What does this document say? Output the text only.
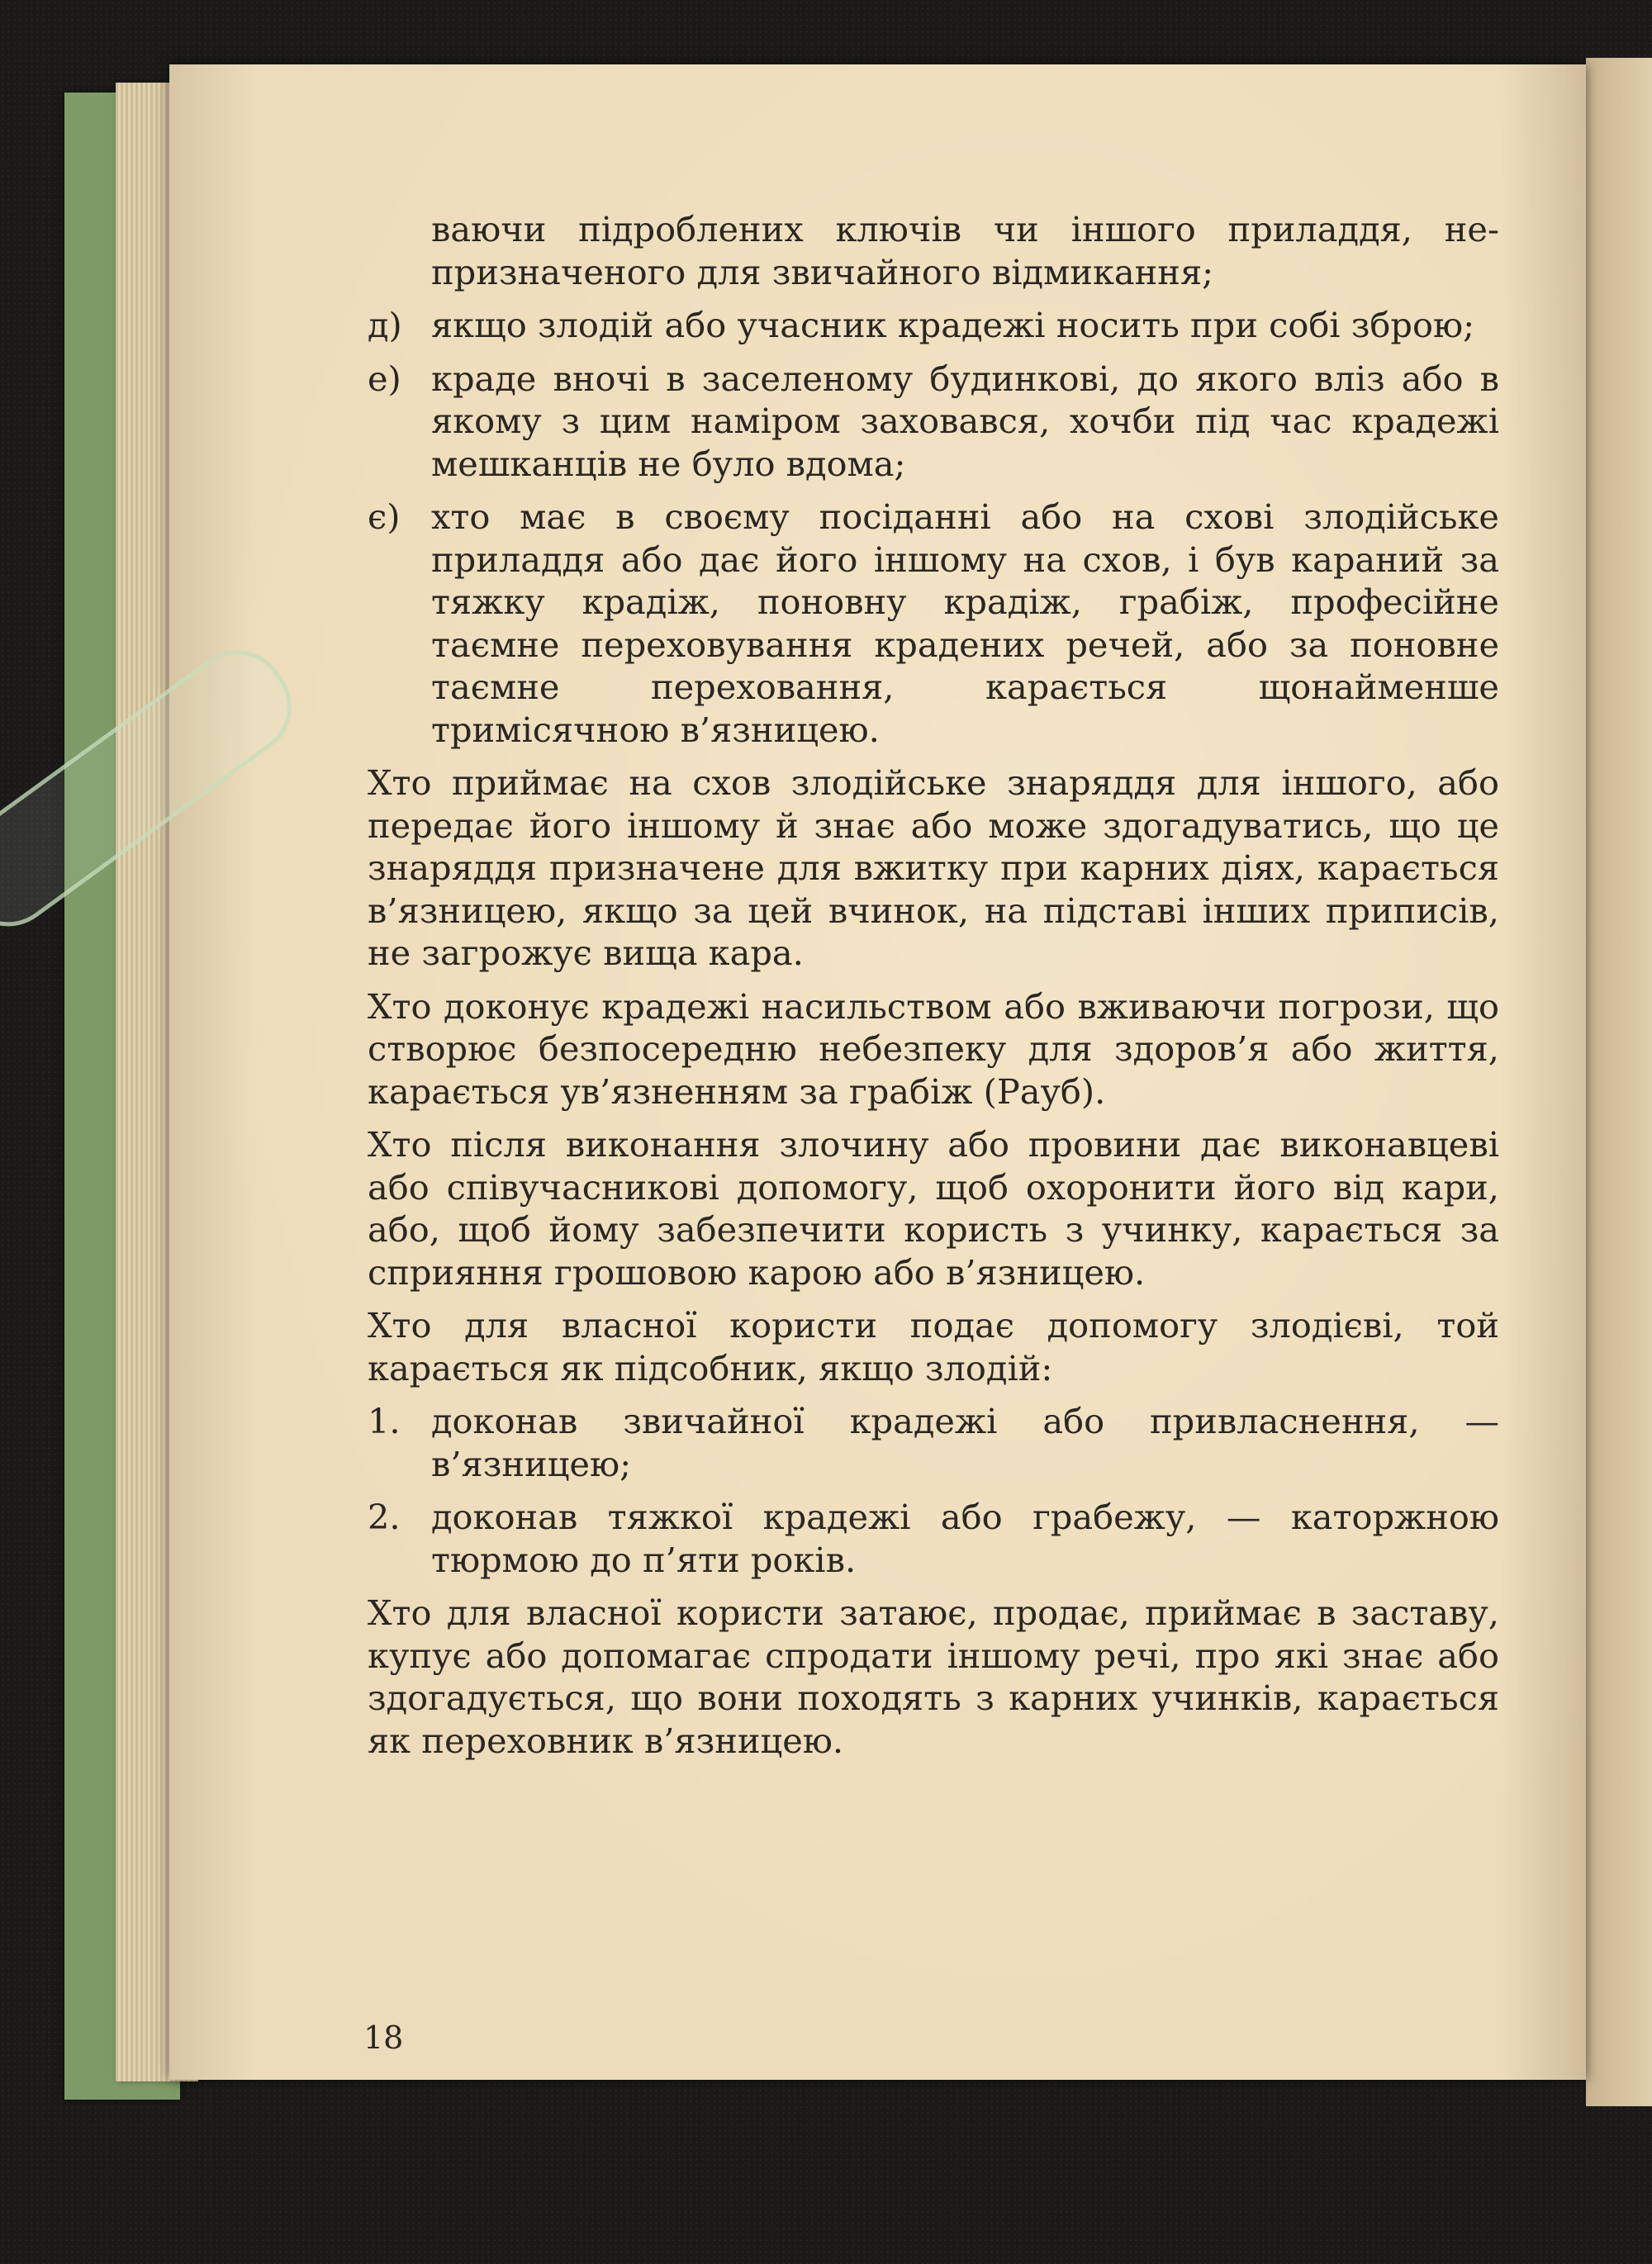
ваючи підроблених ключів чи іншого приладдя, непризначеного для звичайного відмикання;

д) якщо злодій або учасник крадежі носить при собі зброю;
е) краде вночі в заселеному будинкові, до якого вліз або в якому з цим наміром заховався, хочби під час крадежі мешканців не було вдома;
є) хто має в своєму посіданні або на схові злодійське приладдя або дає його іншому на схов, і був караний за тяжку крадіж, поновну крадіж, грабіж, професійне таємне переховування крадених речей, або за поновне таємне переховання, карається щонайменше тримісячною в’язницею.

Хто приймає на схов злодійське знаряддя для іншого, або передає його іншому й знає або може здогадуватись, що це знаряддя призначене для вжитку при карних діях, карається в’язницею, якщо за цей вчинок, на підставі інших приписів, не загрожує вища кара.

Хто доконує крадежі насильством або вживаючи погрози, що створює безпосередню небезпеку для здоров’я або життя, карається ув’язненням за грабіж (Рауб).

Хто після виконання злочину або провини дає виконавцеві або співучасникові допомогу, щоб охоронити його від кари, або, щоб йому забезпечити користь з учинку, карається за сприяння грошовою карою або в’язницею.

Хто для власної користи подає допомогу злодієві, той карається як підсобник, якщо злодій:

1. доконав звичайної крадежі або привласнення, — в’язницею;
2. доконав тяжкої крадежі або грабежу, — каторжною тюрмою до п’яти років.

Хто для власної користи затаює, продає, приймає в заставу, купує або допомагає спродати іншому речі, про які знає або здогадується, що вони походять з карних учинків, карається як переховник в’язницею.

18
